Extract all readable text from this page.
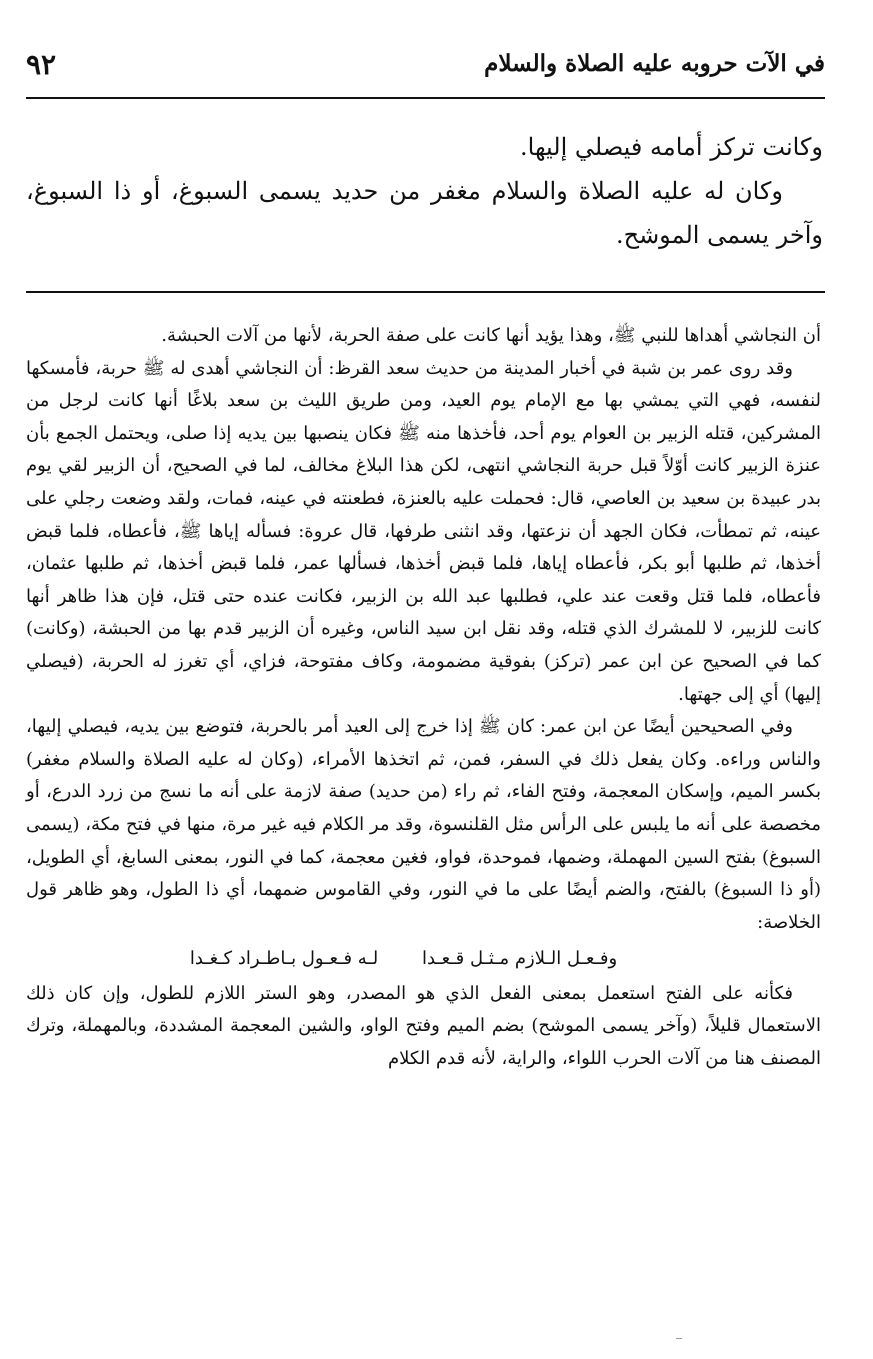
في الآت حروبه عليه الصلاة والسلام
٩٢

وكانت تركز أمامه فيصلي إليها.

وكان له عليه الصلاة والسلام مغفر من حديد يسمى السبوغ، أو ذا السبوغ، وآخر يسمى الموشح.

أن النجاشي أهداها للنبي ﷺ، وهذا يؤيد أنها كانت على صفة الحربة، لأنها من آلات الحبشة.

وقد روى عمر بن شبة في أخبار المدينة من حديث سعد القرظ: أن النجاشي أهدى له ﷺ حربة، فأمسكها لنفسه، فهي التي يمشي بها مع الإمام يوم العيد، ومن طريق الليث بن سعد بلاغًا أنها كانت لرجل من المشركين، قتله الزبير بن العوام يوم أحد، فأخذها منه ﷺ فكان ينصبها بين يديه إذا صلى، ويحتمل الجمع بأن عنزة الزبير كانت أوّلاً قبل حربة النجاشي انتهى، لكن هذا البلاغ مخالف، لما في الصحيح، أن الزبير لقي يوم بدر عبيدة بن سعيد بن العاصي، قال: فحملت عليه بالعنزة، فطعنته في عينه، فمات، ولقد وضعت رجلي على عينه، ثم تمطأت، فكان الجهد أن نزعتها، وقد انثنى طرفها، قال عروة: فسأله إياها ﷺ، فأعطاه، فلما قبض أخذها، ثم طلبها أبو بكر، فأعطاه إياها، فلما قبض أخذها، فسألها عمر، فلما قبض أخذها، ثم طلبها عثمان، فأعطاه، فلما قتل وقعت عند علي، فطلبها عبد الله بن الزبير، فكانت عنده حتى قتل، فإن هذا ظاهر أنها كانت للزبير، لا للمشرك الذي قتله، وقد نقل ابن سيد الناس، وغيره أن الزبير قدم بها من الحبشة، (وكانت) كما في الصحيح عن ابن عمر (تركز) بفوقية مضمومة، وكاف مفتوحة، فزاي، أي تغرز له الحربة، (فيصلي إليها) أي إلى جهتها.

وفي الصحيحين أيضًا عن ابن عمر: كان ﷺ إذا خرج إلى العيد أمر بالحربة، فتوضع بين يديه، فيصلي إليها، والناس وراءه. وكان يفعل ذلك في السفر، فمن، ثم اتخذها الأمراء، (وكان له عليه الصلاة والسلام مغفر) بكسر الميم، وإسكان المعجمة، وفتح الفاء، ثم راء (من حديد) صفة لازمة على أنه ما نسج من زرد الدرع، أو مخصصة على أنه ما يلبس على الرأس مثل القلنسوة، وقد مر الكلام فيه غير مرة، منها في فتح مكة، (يسمى السبوغ) بفتح السين المهملة، وضمها، فموحدة، فواو، فغين معجمة، كما في النور، بمعنى السابغ، أي الطويل، (أو ذا السبوغ) بالفتح، والضم أيضًا على ما في النور، وفي القاموس ضمهما، أي ذا الطول، وهو ظاهر قول الخلاصة:

وفـعـل الـلازم مـثـل قـعـدا لـه فـعـول بـاطـراد كـغـدا

فكأنه على الفتح استعمل بمعنى الفعل الذي هو المصدر، وهو الستر اللازم للطول، وإن كان ذلك الاستعمال قليلاً، (وآخر يسمى الموشح) بضم الميم وفتح الواو، والشين المعجمة المشددة، وبالمهملة، وترك المصنف هنا من آلات الحرب اللواء، والراية، لأنه قدم الكلام
